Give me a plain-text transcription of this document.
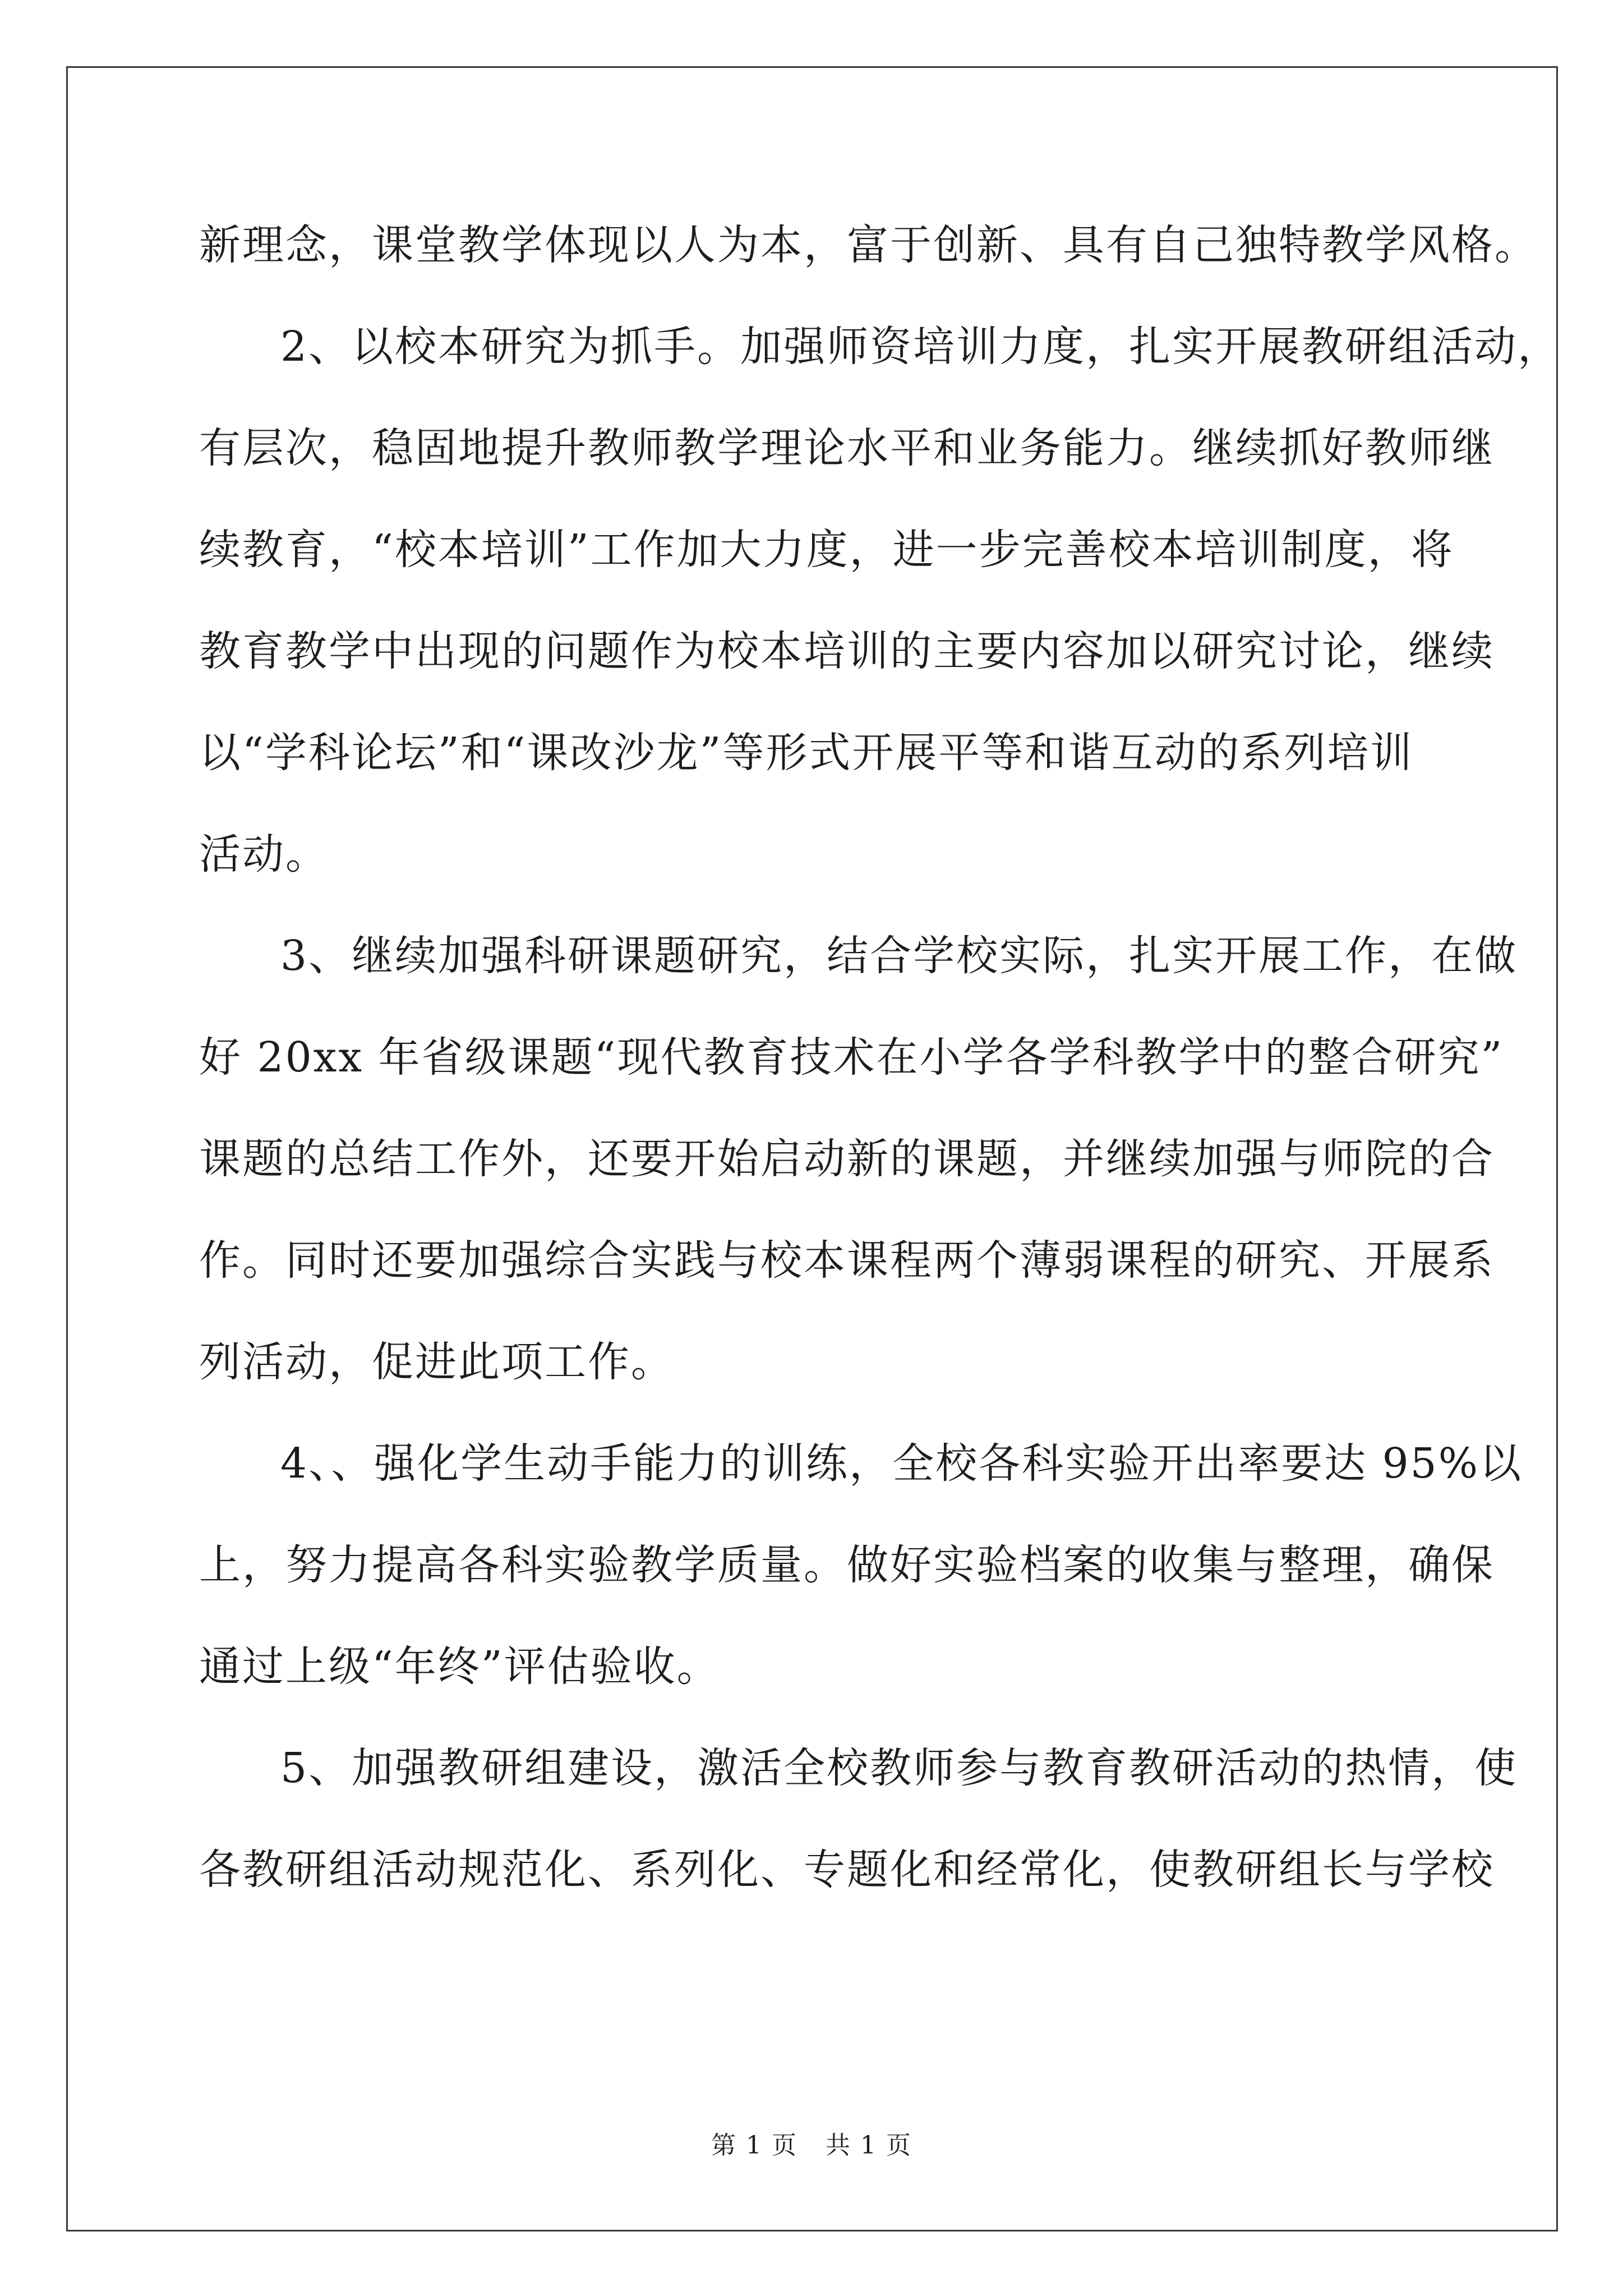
新理念，课堂教学体现以人为本，富于创新、具有自己独特教学风格。
2、以校本研究为抓手。加强师资培训力度，扎实开展教研组活动，
有层次，稳固地提升教师教学理论水平和业务能力。继续抓好教师继
续教育，“校本培训”工作加大力度，进一步完善校本培训制度，将
教育教学中出现的问题作为校本培训的主要内容加以研究讨论，继续
以“学科论坛”和“课改沙龙”等形式开展平等和谐互动的系列培训
活动。
3、继续加强科研课题研究，结合学校实际，扎实开展工作，在做
好 20xx 年省级课题“现代教育技术在小学各学科教学中的整合研究”
课题的总结工作外，还要开始启动新的课题，并继续加强与师院的合
作。同时还要加强综合实践与校本课程两个薄弱课程的研究、开展系
列活动，促进此项工作。
4、、强化学生动手能力的训练，全校各科实验开出率要达 95%以
上，努力提高各科实验教学质量。做好实验档案的收集与整理，确保
通过上级“年终”评估验收。
5、加强教研组建设，激活全校教师参与教育教研活动的热情，使
各教研组活动规范化、系列化、专题化和经常化，使教研组长与学校
第 1 页 共 1 页
